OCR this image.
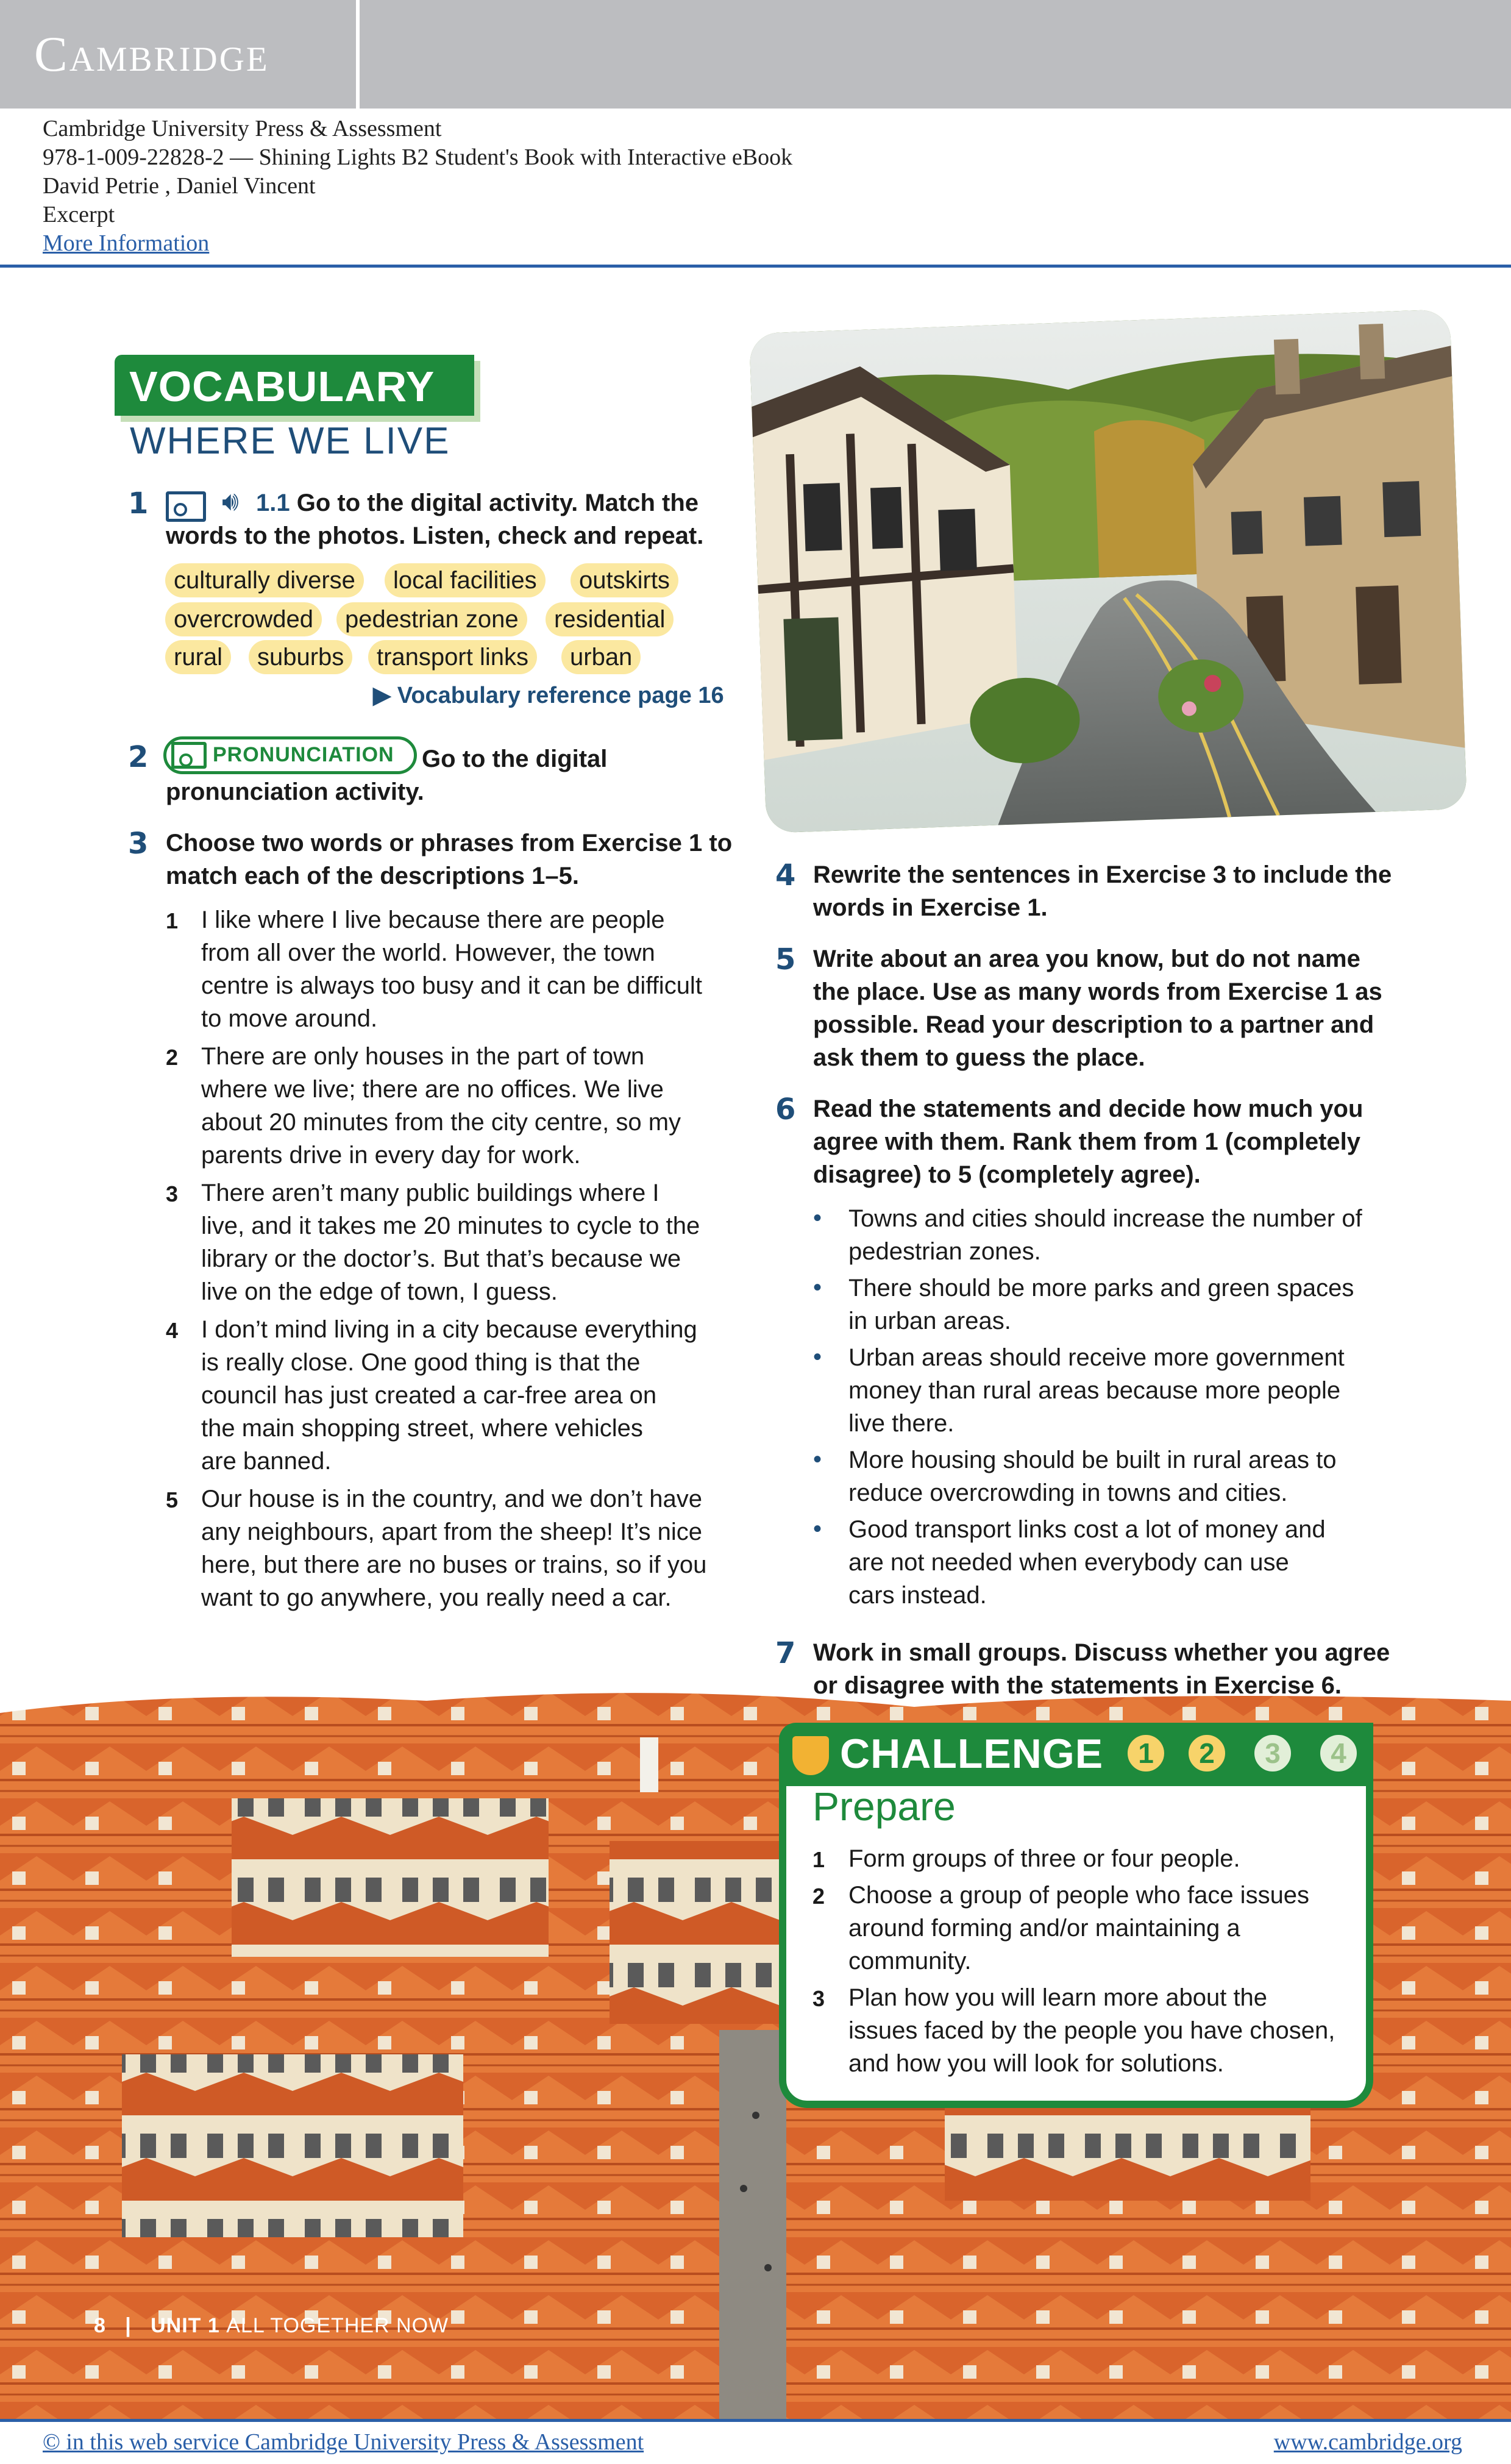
Cambridge
Cambridge University Press & Assessment
978-1-009-22828-2 — Shining Lights B2 Student's Book with Interactive eBook
David Petrie , Daniel Vincent
Excerpt
More Information
VOCABULARY
WHERE WE LIVE
1	🔊︎ 1.1 Go to the digital activity. Match the
words to the photos. Listen, check and repeat.
culturally diverse	local facilities	outskirts
overcrowded	pedestrian zone	residential
rural	suburbs	transport links	urban
▶ Vocabulary reference page 16
2	PRONUNCIATION Go to the digital
pronunciation activity.
3 Choose two words or phrases from Exercise 1 to
match each of the descriptions 1–5.
1 I like where I live because there are people
from all over the world. However, the town
centre is always too busy and it can be difficult
to move around.
2 There are only houses in the part of town
where we live; there are no offices. We live
about 20 minutes from the city centre, so my
parents drive in every day for work.
3 There aren’t many public buildings where I
live, and it takes me 20 minutes to cycle to the
library or the doctor’s. But that’s because we
live on the edge of town, I guess.
4 I don’t mind living in a city because everything
is really close. One good thing is that the
council has just created a car-free area on
the main shopping street, where vehicles
are banned.
5 Our house is in the country, and we don’t have
any neighbours, apart from the sheep! It’s nice
here, but there are no buses or trains, so if you
want to go anywhere, you really need a car.
4 Rewrite the sentences in Exercise 3 to include the
words in Exercise 1.
5 Write about an area you know, but do not name
the place. Use as many words from Exercise 1 as
possible. Read your description to a partner and
ask them to guess the place.
6 Read the statements and decide how much you
agree with them. Rank them from 1 (completely
disagree) to 5 (completely agree).
• Towns and cities should increase the number of
pedestrian zones.
• There should be more parks and green spaces
in urban areas.
• Urban areas should receive more government
money than rural areas because more people
live there.
• More housing should be built in rural areas to
reduce overcrowding in towns and cities.
• Good transport links cost a lot of money and
are not needed when everybody can use
cars instead.
7 Work in small groups. Discuss whether you agree
or disagree with the statements in Exercise 6.
CHALLENGE	1	2	3	4
Prepare
1 Form groups of three or four people.
2 Choose a group of people who face issues
around forming and/or maintaining a
community.
3 Plan how you will learn more about the
issues faced by the people you have chosen,
and how you will look for solutions.
8 | UNIT 1 ALL TOGETHER NOW
© in this web service Cambridge University Press & Assessment	www.cambridge.org
